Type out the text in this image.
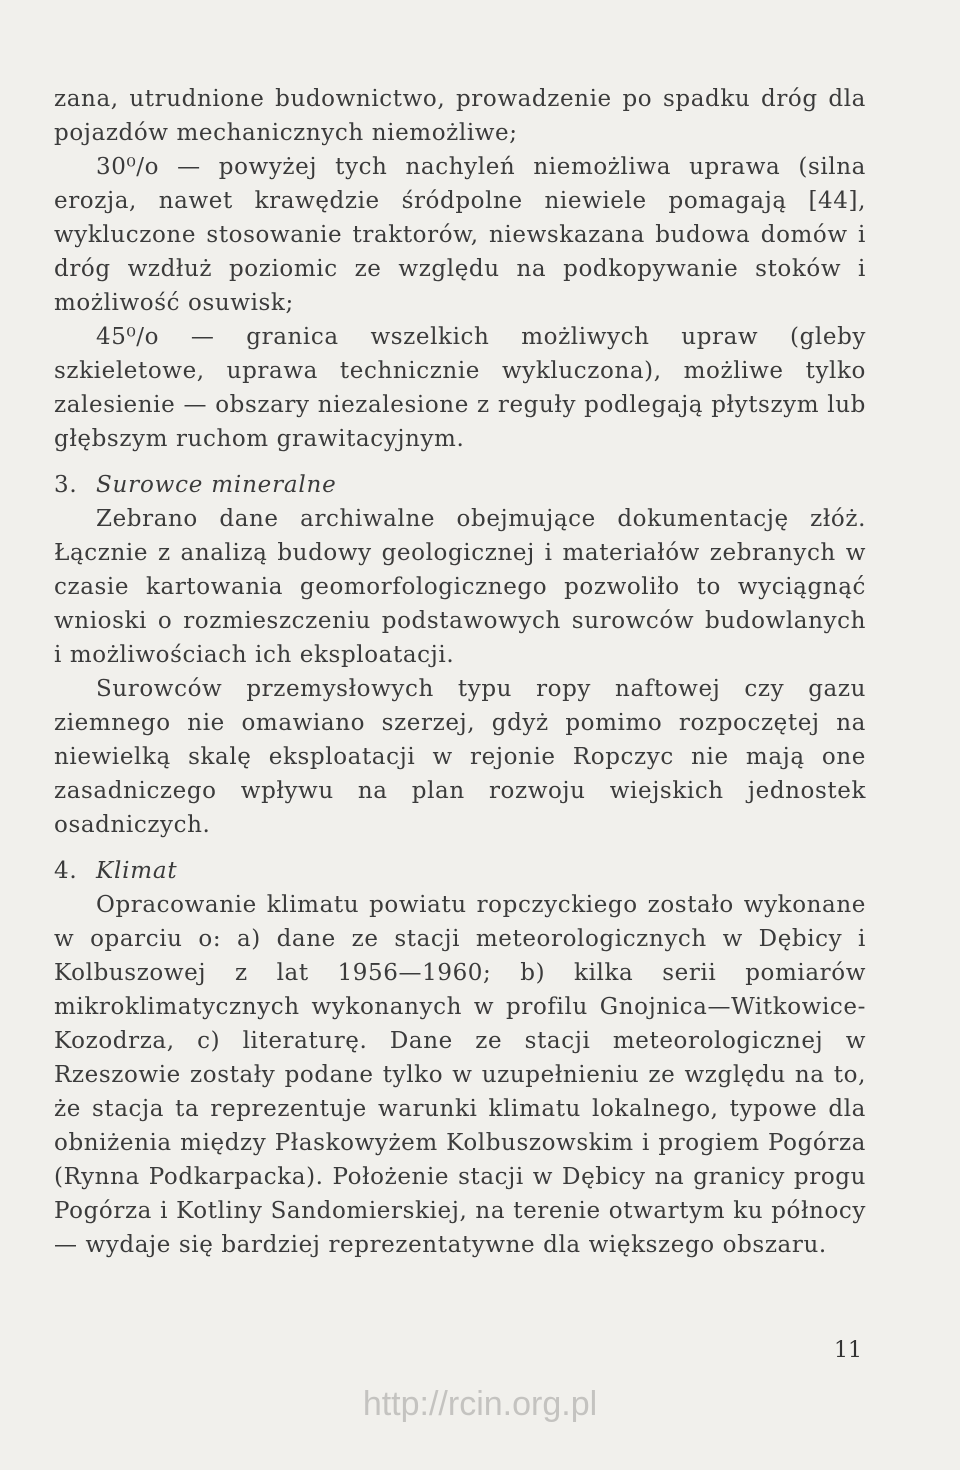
zana, utrudnione budownictwo, prowadzenie po spadku dróg dla pojazdów mechanicznych niemożliwe;

30⁰/o — powyżej tych nachyleń niemożliwa uprawa (silna erozja, nawet krawędzie śródpolne niewiele pomagają [44], wykluczone stosowanie traktorów, niewskazana budowa domów i dróg wzdłuż poziomic ze względu na podkopywanie stoków i możliwość osuwisk;

45⁰/o — granica wszelkich możliwych upraw (gleby szkieletowe, uprawa technicznie wykluczona), możliwe tylko zalesienie — obszary niezalesione z reguły podlegają płytszym lub głębszym ruchom grawitacyjnym.

3. Surowce mineralne

Zebrano dane archiwalne obejmujące dokumentację złóż. Łącznie z analizą budowy geologicznej i materiałów zebranych w czasie kartowania geomorfologicznego pozwoliło to wyciągnąć wnioski o rozmieszczeniu podstawowych surowców budowlanych i możliwościach ich eksploatacji.

Surowców przemysłowych typu ropy naftowej czy gazu ziemnego nie omawiano szerzej, gdyż pomimo rozpoczętej na niewielką skalę eksploatacji w rejonie Ropczyc nie mają one zasadniczego wpływu na plan rozwoju wiejskich jednostek osadniczych.

4. Klimat

Opracowanie klimatu powiatu ropczyckiego zostało wykonane w oparciu o: a) dane ze stacji meteorologicznych w Dębicy i Kolbuszowej z lat 1956—1960; b) kilka serii pomiarów mikroklimatycznych wykonanych w profilu Gnojnica—Witkowice-Kozodrza, c) literaturę. Dane ze stacji meteorologicznej w Rzeszowie zostały podane tylko w uzupełnieniu ze względu na to, że stacja ta reprezentuje warunki klimatu lokalnego, typowe dla obniżenia między Płaskowyżem Kolbuszowskim i progiem Pogórza (Rynna Podkarpacka). Położenie stacji w Dębicy na granicy progu Pogórza i Kotliny Sandomierskiej, na terenie otwartym ku północy — wydaje się bardziej reprezentatywne dla większego obszaru.

11
http://rcin.org.pl
